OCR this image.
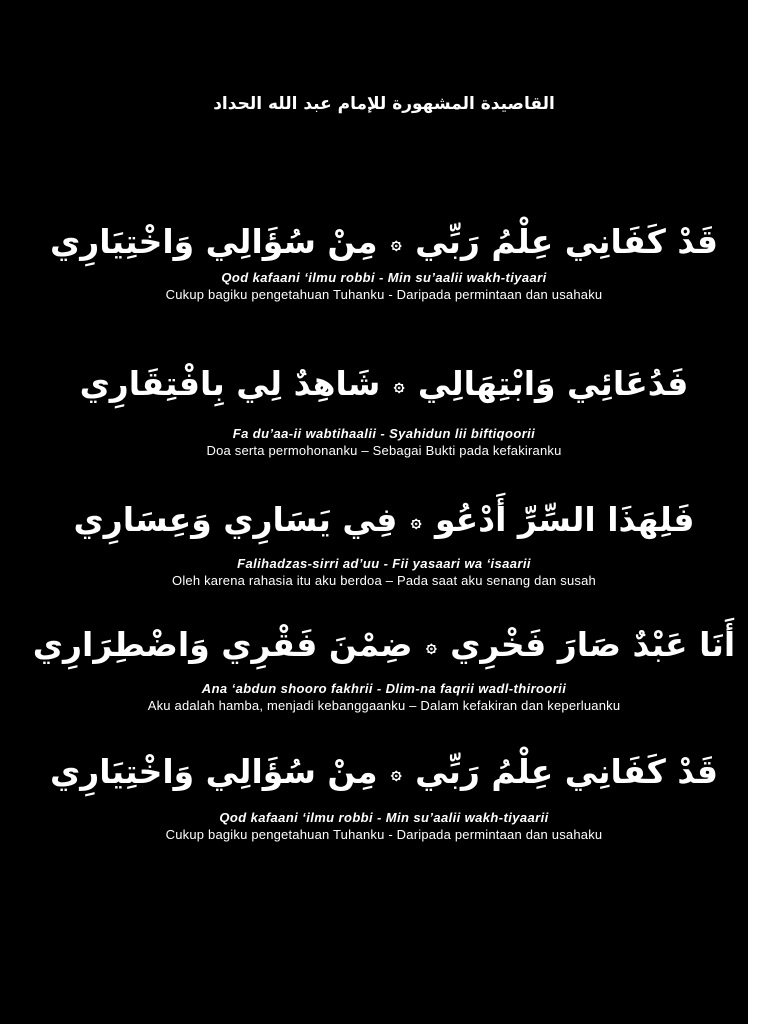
القاصيدة المشهورة للإمام عبد الله الحداد
قَدْ كَفَانِي عِلْمُ رَبِّي ۞ مِنْ سُؤَالِي وَاخْتِيَارِي
Qod kafaani ‘ilmu robbi - Min su’aalii wakh-tiyaari
Cukup bagiku pengetahuan Tuhanku - Daripada permintaan dan usahaku
فَدُعَائِي وَابْتِهَالِي ۞ شَاهِدٌ لِي بِافْتِقَارِي
Fa du’aa-ii wabtihaalii - Syahidun lii biftiqoorii
Doa serta permohonanku – Sebagai Bukti pada kefakiranku
فَلِهَذَا السِّرِّ أَدْعُو ۞ فِي يَسَارِي وَعِسَارِي
Falihadzas-sirri ad’uu - Fii yasaari wa ‘isaarii
Oleh karena rahasia itu aku berdoa – Pada saat aku senang dan susah
أَنَا عَبْدٌ صَارَ فَخْرِي ۞ ضِمْنَ فَقْرِي وَاضْطِرَارِي
Ana ‘abdun shooro fakhrii - Dlim-na faqrii wadl-thiroorii
Aku adalah hamba, menjadi kebanggaanku – Dalam kefakiran dan keperluanku
قَدْ كَفَانِي عِلْمُ رَبِّي ۞ مِنْ سُؤَالِي وَاخْتِيَارِي
Qod kafaani ‘ilmu robbi - Min su’aalii wakh-tiyaarii
Cukup bagiku pengetahuan Tuhanku - Daripada permintaan dan usahaku
